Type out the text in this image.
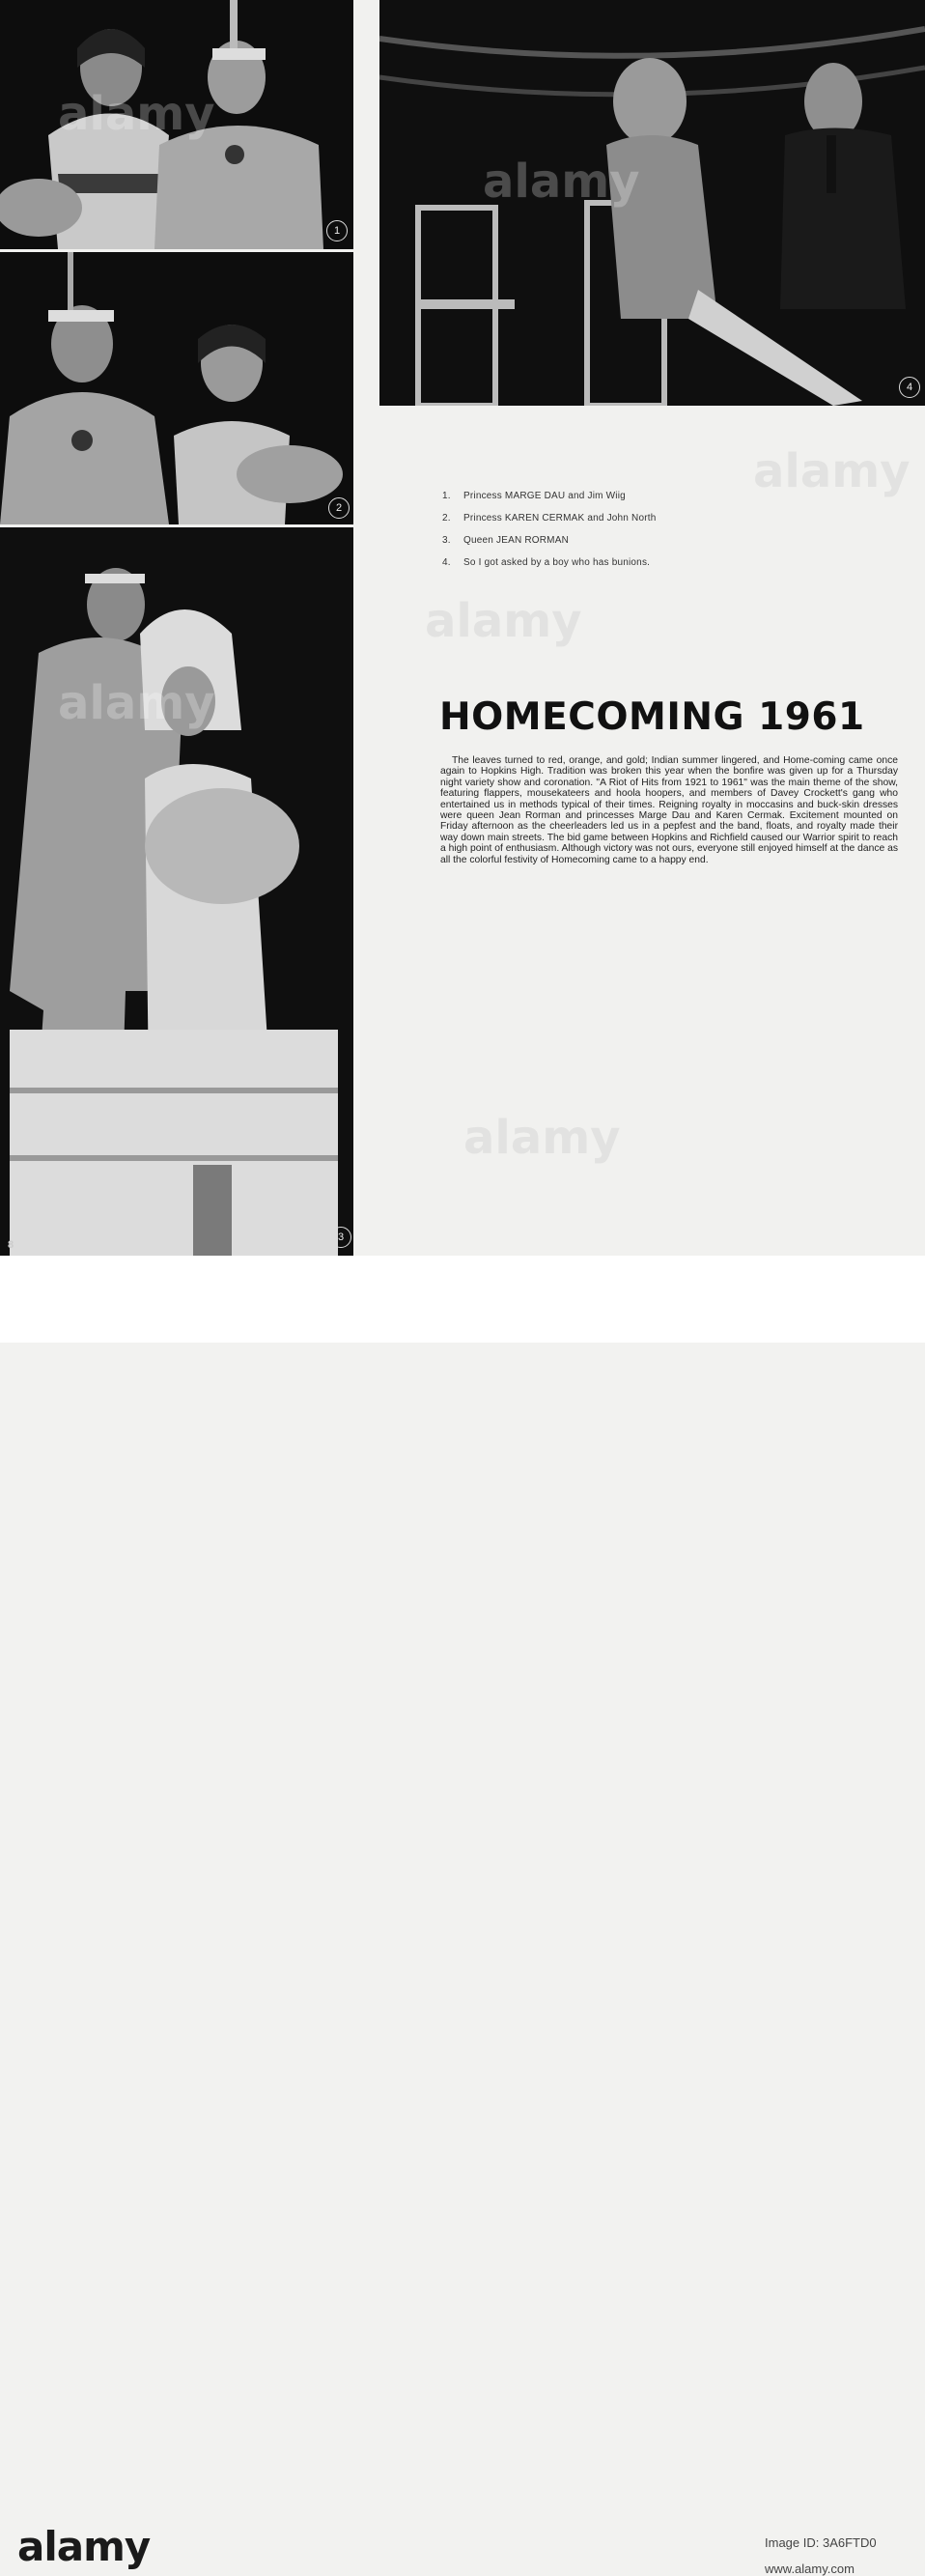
1
2
3
4
alamy
alamy
alamy
alamy
alamy
alamy
1.	Princess MARGE DAU and Jim Wiig
2.	Princess KAREN CERMAK and John North
3.	Queen JEAN RORMAN
4.	So I got asked by a boy who has bunions.
HOMECOMING 1961
The leaves turned to red, orange, and gold; Indian summer lingered, and Home-coming came once again to Hopkins High. Tradition was broken this year when the bonfire was given up for a Thursday night variety show and coronation. "A Riot of Hits from 1921 to 1961" was the main theme of the show, featuring flappers, mousekateers and hoola hoopers, and members of Davey Crockett's gang who entertained us in methods typical of their times. Reigning royalty in moccasins and buck-skin dresses were queen Jean Rorman and princesses Marge Dau and Karen Cermak. Excitement mounted on Friday afternoon as the cheerleaders led us in a pepfest and the band, floats, and royalty made their way down main streets. The bid game between Hopkins and Richfield caused our Warrior spirit to reach a high point of enthusiasm. Although victory was not ours, everyone still enjoyed himself at the dance as all the colorful festivity of Homecoming came to a happy end.
8
alamy	Image ID: 3A6FTD0
www.alamy.com
